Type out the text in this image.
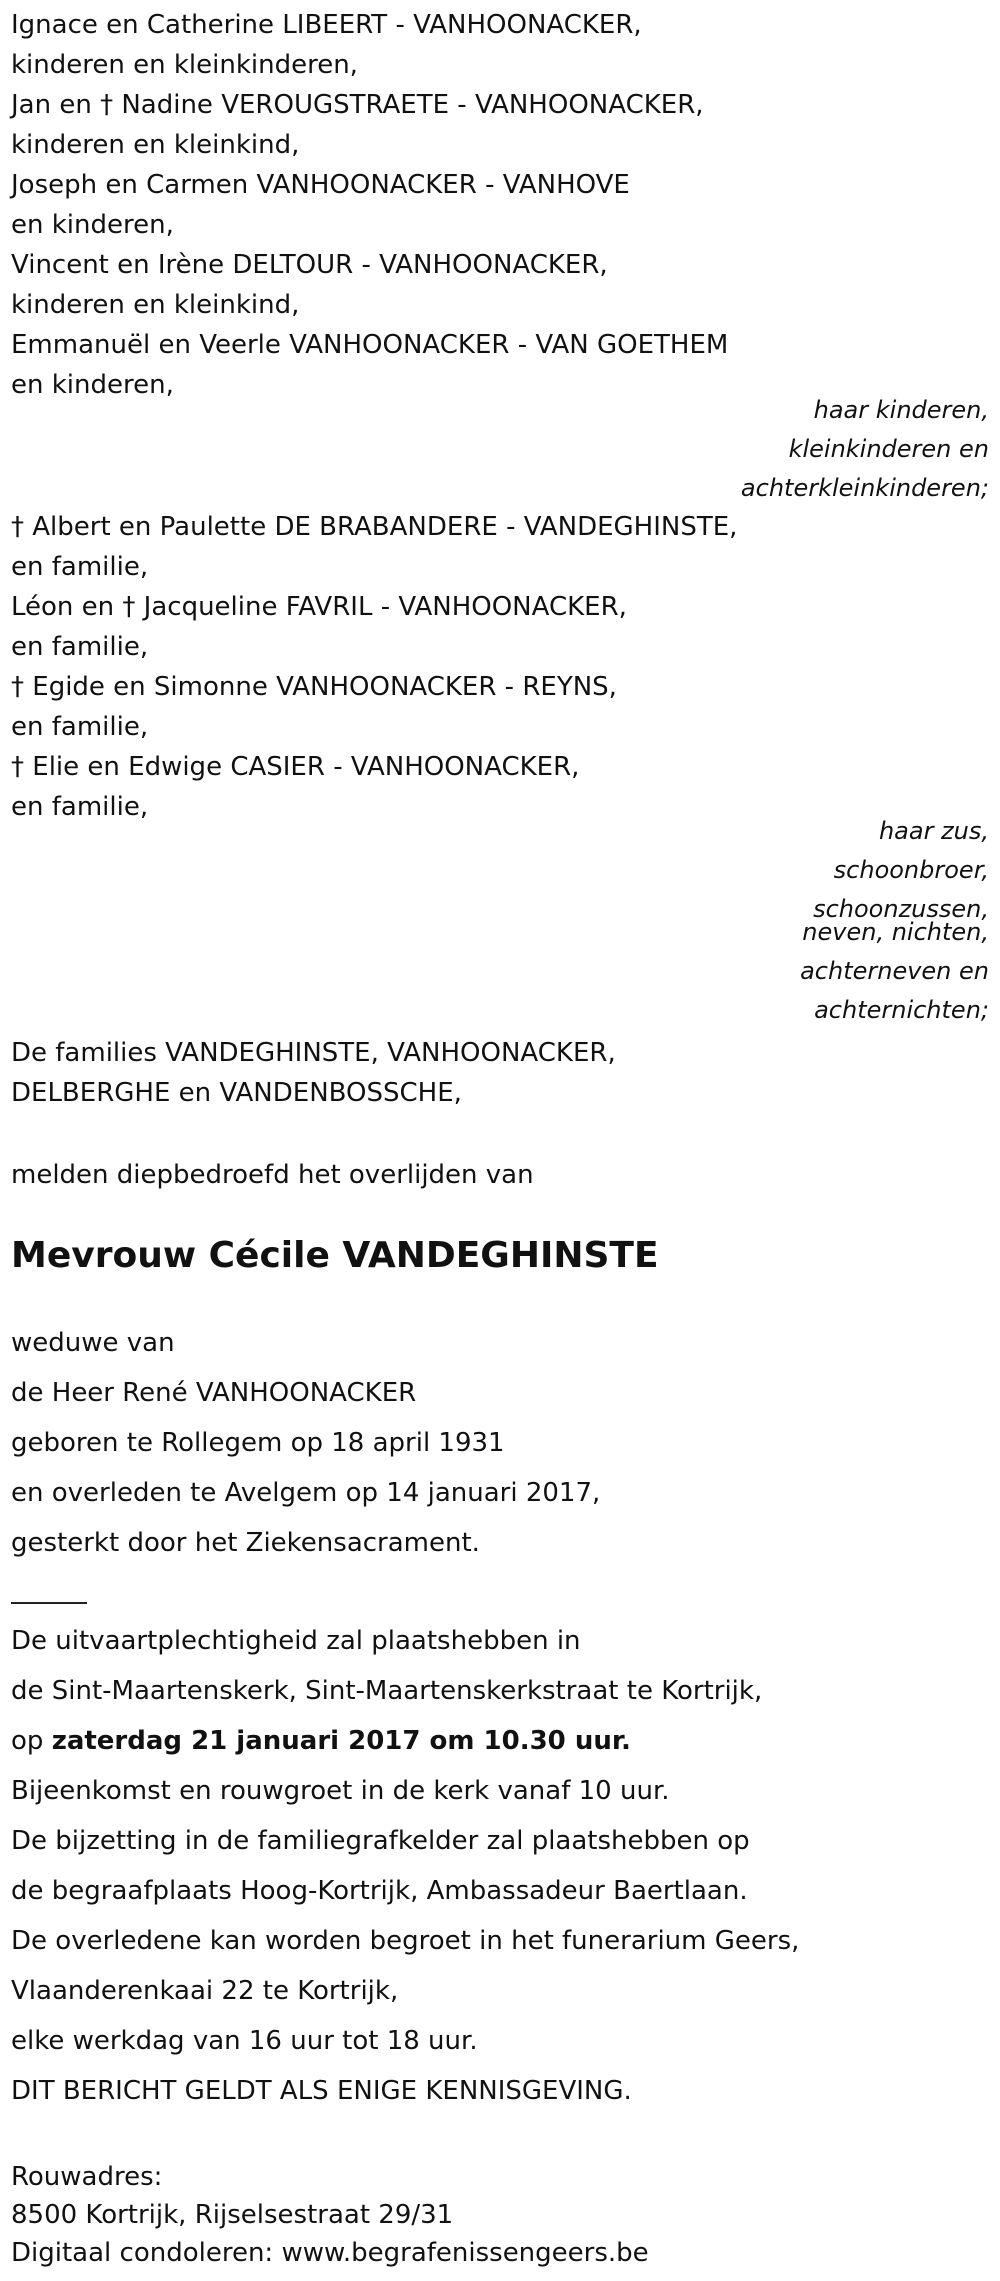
Ignace en Catherine LIBEERT - VANHOONACKER,

kinderen en kleinkinderen,

Jan en † Nadine VEROUGSTRAETE - VANHOONACKER,

kinderen en kleinkind,

Joseph en Carmen VANHOONACKER - VANHOVE

en kinderen,

Vincent en Irène DELTOUR - VANHOONACKER,

kinderen en kleinkind,

Emmanuël en Veerle VANHOONACKER - VAN GOETHEM

en kinderen,

haar kinderen,

kleinkinderen en

achterkleinkinderen;

† Albert en Paulette DE BRABANDERE - VANDEGHINSTE,

en familie,

Léon en † Jacqueline FAVRIL - VANHOONACKER,

en familie,

† Egide en Simonne VANHOONACKER - REYNS,

en familie,

† Elie en Edwige CASIER - VANHOONACKER,

en familie,

haar zus,

schoonbroer,

schoonzussen,

neven, nichten,

achterneven en

achternichten;

De families VANDEGHINSTE, VANHOONACKER,

DELBERGHE en VANDENBOSSCHE,

melden diepbedroefd het overlijden van

Mevrouw Cécile VANDEGHINSTE

weduwe van

de Heer René VANHOONACKER

geboren te Rollegem op 18 april 1931

en overleden te Avelgem op 14 januari 2017,

gesterkt door het Ziekensacrament.

De uitvaartplechtigheid zal plaatshebben in

de Sint-Maartenskerk, Sint-Maartenskerkstraat te Kortrijk,

op zaterdag 21 januari 2017 om 10.30 uur.

Bijeenkomst en rouwgroet in de kerk vanaf 10 uur.

De bijzetting in de familiegrafkelder zal plaatshebben op

de begraafplaats Hoog-Kortrijk, Ambassadeur Baertlaan.

De overledene kan worden begroet in het funerarium Geers,

Vlaanderenkaai 22 te Kortrijk,

elke werkdag van 16 uur tot 18 uur.

DIT BERICHT GELDT ALS ENIGE KENNISGEVING.

Rouwadres:

8500 Kortrijk, Rijselsestraat 29/31

Digitaal condoleren: www.begrafenissengeers.be
